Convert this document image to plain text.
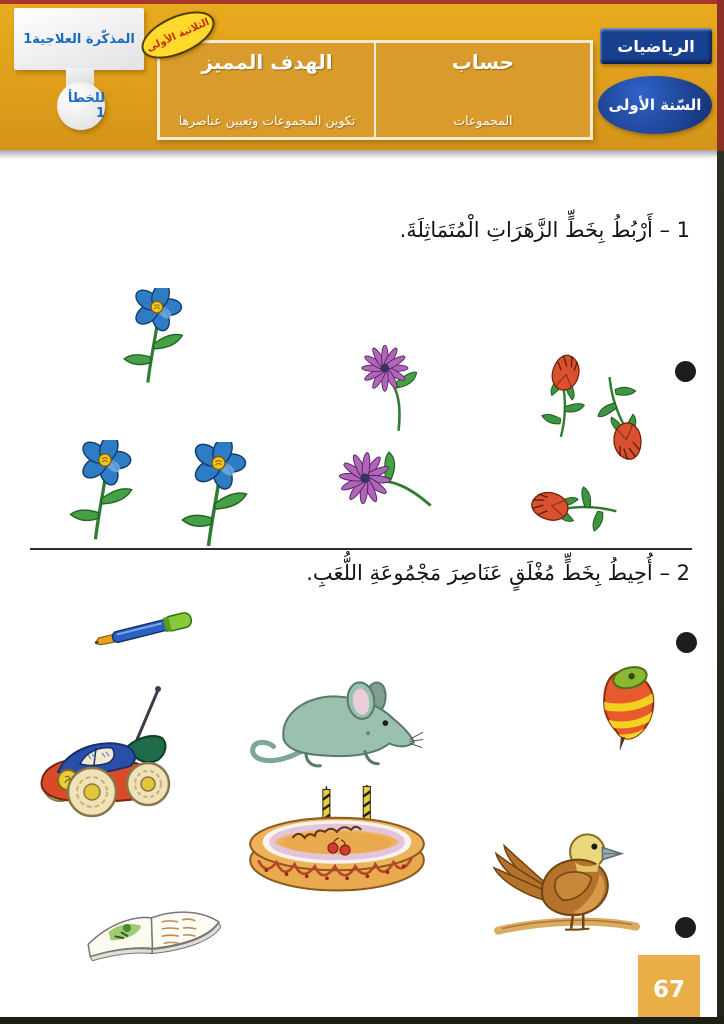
المذكّرة العلاجية1
للخطأ 1
الثلاثية الأولى
الهدف المميز
تكوين المجموعات وتعيين عناصرها
حساب
المجموعات
الرياضيات
السّنة الأولى
1 – أَرْبُطُ بِخَطٍّ الزَّهَرَاتِ الْمُتَمَاثِلَةَ.
2 – أُحِيطُ بِخَطٍّ مُغْلَقٍ عَنَاصِرَ مَجْمُوعَةِ اللُّعَبِ.
67
